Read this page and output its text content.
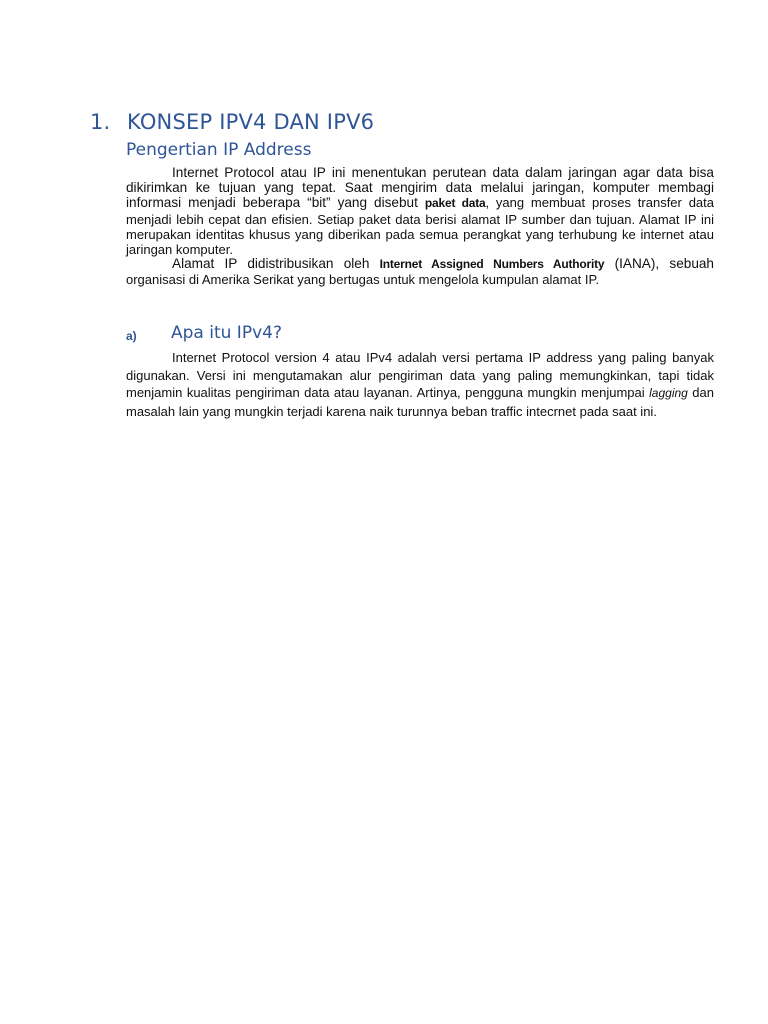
1. KONSEP IPV4 DAN IPV6
Pengertian IP Address

Internet Protocol atau IP ini menentukan perutean data dalam jaringan agar data bisa dikirimkan ke tujuan yang tepat. Saat mengirim data melalui jaringan, komputer membagi informasi menjadi beberapa “bit” yang disebut paket data, yang membuat proses transfer data menjadi lebih cepat dan efisien. Setiap paket data berisi alamat IP sumber dan tujuan. Alamat IP ini merupakan identitas khusus yang diberikan pada semua perangkat yang terhubung ke internet atau jaringan komputer.

Alamat IP didistribusikan oleh Internet Assigned Numbers Authority (IANA), sebuah organisasi di Amerika Serikat yang bertugas untuk mengelola kumpulan alamat IP.

a) Apa itu IPv4?

Internet Protocol version 4 atau IPv4 adalah versi pertama IP address yang paling banyak digunakan. Versi ini mengutamakan alur pengiriman data yang paling memungkinkan, tapi tidak menjamin kualitas pengiriman data atau layanan. Artinya, pengguna mungkin menjumpai lagging dan masalah lain yang mungkin terjadi karena naik turunnya beban traffic intecrnet pada saat ini.
